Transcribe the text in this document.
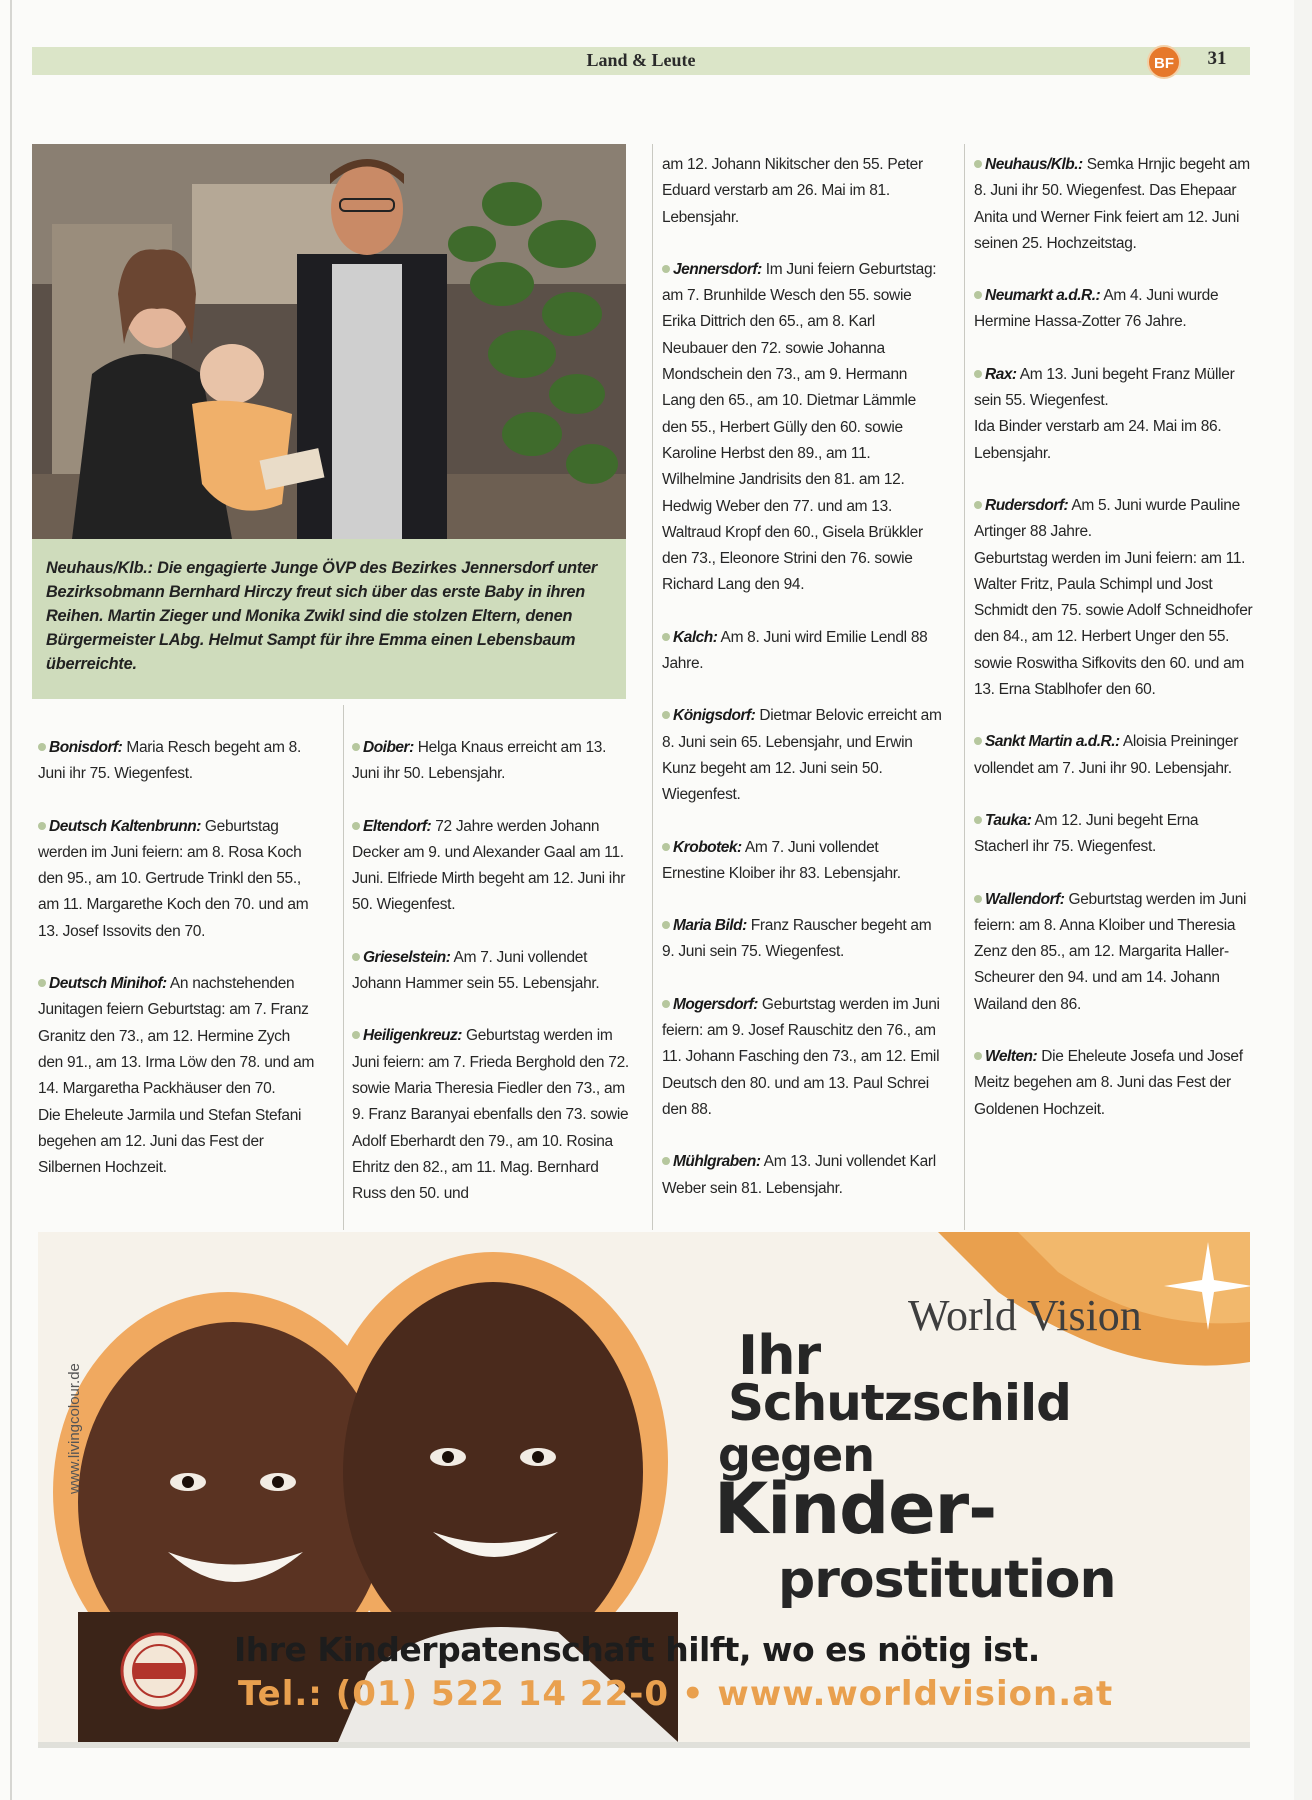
Land & Leute	BF	31
Neuhaus/Klb.: Die engagierte Junge ÖVP des Bezirkes Jennersdorf unter Bezirksobmann Bernhard Hirczy freut sich über das erste Baby in ihren Reihen. Martin Zieger und Monika Zwikl sind die stolzen Eltern, denen Bürgermeister LAbg. Helmut Sampt für ihre Emma einen Lebensbaum überreichte.

Bonisdorf: Maria Resch begeht am 8. Juni ihr 75. Wiegenfest.

Deutsch Kaltenbrunn: Geburtstag werden im Juni feiern: am 8. Rosa Koch den 95., am 10. Gertrude Trinkl den 55., am 11. Margarethe Koch den 70. und am 13. Josef Issovits den 70.

Deutsch Minihof: An nachstehenden Junitagen feiern Geburtstag: am 7. Franz Granitz den 73., am 12. Hermine Zych den 91., am 13. Irma Löw den 78. und am 14. Margaretha Packhäuser den 70.
Die Eheleute Jarmila und Stefan Stefani begehen am 12. Juni das Fest der Silbernen Hochzeit.

Doiber: Helga Knaus erreicht am 13. Juni ihr 50. Lebensjahr.

Eltendorf: 72 Jahre werden Johann Decker am 9. und Alexander Gaal am 11. Juni. Elfriede Mirth begeht am 12. Juni ihr 50. Wiegenfest.

Grieselstein: Am 7. Juni vollendet Johann Hammer sein 55. Lebensjahr.

Heiligenkreuz: Geburtstag werden im Juni feiern: am 7. Frieda Berghold den 72. sowie Maria Theresia Fiedler den 73., am 9. Franz Baranyai ebenfalls den 73. sowie Adolf Eberhardt den 79., am 10. Rosina Ehritz den 82., am 11. Mag. Bernhard Russ den 50. und

am 12. Johann Nikitscher den 55. Peter Eduard verstarb am 26. Mai im 81. Lebensjahr.

Jennersdorf: Im Juni feiern Geburtstag: am 7. Brunhilde Wesch den 55. sowie Erika Dittrich den 65., am 8. Karl Neubauer den 72. sowie Johanna Mondschein den 73., am 9. Hermann Lang den 65., am 10. Dietmar Lämmle den 55., Herbert Gülly den 60. sowie Karoline Herbst den 89., am 11. Wilhelmine Jandrisits den 81. am 12. Hedwig Weber den 77. und am 13. Waltraud Kropf den 60., Gisela Brükkler den 73., Eleonore Strini den 76. sowie Richard Lang den 94.

Kalch: Am 8. Juni wird Emilie Lendl 88 Jahre.

Königsdorf: Dietmar Belovic erreicht am 8. Juni sein 65. Lebensjahr, und Erwin Kunz begeht am 12. Juni sein 50. Wiegenfest.

Krobotek: Am 7. Juni vollendet Ernestine Kloiber ihr 83. Lebensjahr.

Maria Bild: Franz Rauscher begeht am 9. Juni sein 75. Wiegenfest.

Mogersdorf: Geburtstag werden im Juni feiern: am 9. Josef Rauschitz den 76., am 11. Johann Fasching den 73., am 12. Emil Deutsch den 80. und am 13. Paul Schrei den 88.

Mühlgraben: Am 13. Juni vollendet Karl Weber sein 81. Lebensjahr.

Neuhaus/Klb.: Semka Hrnjic begeht am 8. Juni ihr 50. Wiegenfest. Das Ehepaar Anita und Werner Fink feiert am 12. Juni seinen 25. Hochzeitstag.

Neumarkt a.d.R.: Am 4. Juni wurde Hermine Hassa-Zotter 76 Jahre.

Rax: Am 13. Juni begeht Franz Müller sein 55. Wiegenfest.
Ida Binder verstarb am 24. Mai im 86. Lebensjahr.

Rudersdorf: Am 5. Juni wurde Pauline Artinger 88 Jahre.
Geburtstag werden im Juni feiern: am 11. Walter Fritz, Paula Schimpl und Jost Schmidt den 75. sowie Adolf Schneidhofer den 84., am 12. Herbert Unger den 55. sowie Roswitha Sifkovits den 60. und am 13. Erna Stablhofer den 60.

Sankt Martin a.d.R.: Aloisia Preininger vollendet am 7. Juni ihr 90. Lebensjahr.

Tauka: Am 12. Juni begeht Erna Stacherl ihr 75. Wiegenfest.

Wallendorf: Geburtstag werden im Juni feiern: am 8. Anna Kloiber und Theresia Zenz den 85., am 12. Margarita Haller-Scheurer den 94. und am 14. Johann Wailand den 86.

Welten: Die Eheleute Josefa und Josef Meitz begehen am 8. Juni das Fest der Goldenen Hochzeit.

www.livingcolour.de
World Vision
Ihr
Schutzschild
gegen
Kinder-
prostitution
Ihre Kinderpatenschaft hilft, wo es nötig ist.
Tel.: (01) 522 14 22-0 • www.worldvision.at
